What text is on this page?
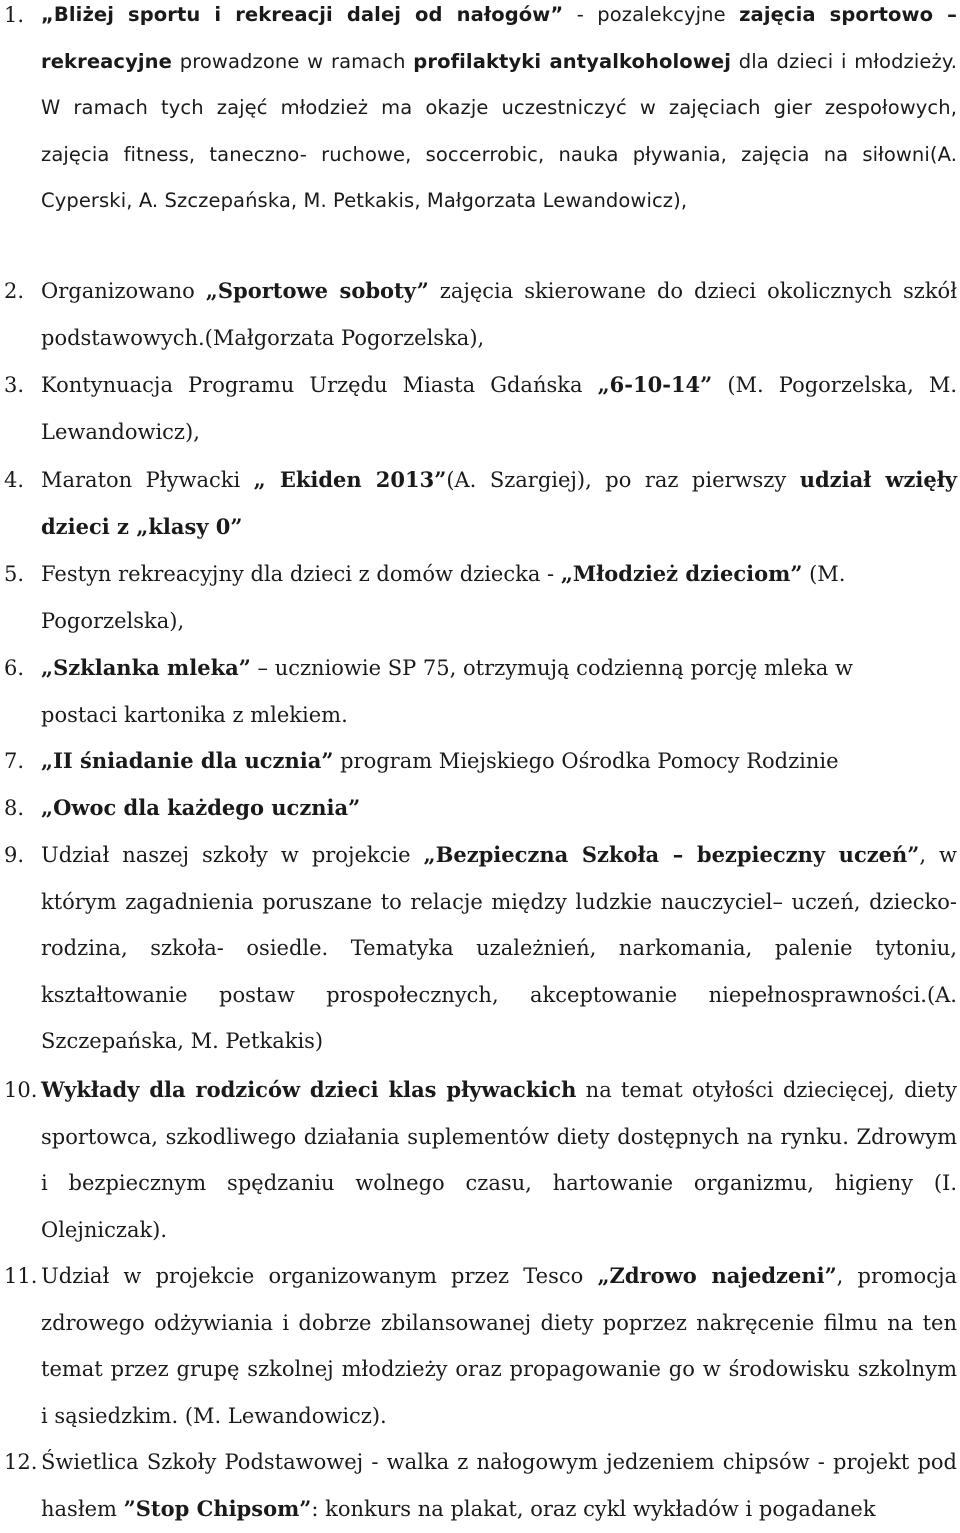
1. „Bliżej sportu i rekreacji dalej od nałogów” - pozalekcyjne zajęcia sportowo – rekreacyjne prowadzone w ramach profilaktyki antyalkoholowej dla dzieci i młodzieży. W ramach tych zajęć młodzież ma okazje uczestniczyć w zajęciach gier zespołowych, zajęcia fitness, taneczno- ruchowe, soccerrobic, nauka pływania, zajęcia na siłowni(A. Cyperski, A. Szczepańska, M. Petkakis, Małgorzata Lewandowicz),
2. Organizowano „Sportowe soboty” zajęcia skierowane do dzieci okolicznych szkół podstawowych.(Małgorzata Pogorzelska),
3. Kontynuacja Programu Urzędu Miasta Gdańska „6-10-14” (M. Pogorzelska, M. Lewandowicz),
4. Maraton Pływacki „ Ekiden 2013”(A. Szargiej), po raz pierwszy udział wzięły dzieci z „klasy 0”
5. Festyn rekreacyjny dla dzieci z domów dziecka - „Młodzież dzieciom” (M. Pogorzelska),
6. „Szklanka mleka” – uczniowie SP 75, otrzymują codzienną porcję mleka w postaci kartonika z mlekiem.
7. „II śniadanie dla ucznia” program Miejskiego Ośrodka Pomocy Rodzinie
8. „Owoc dla każdego ucznia”
9. Udział naszej szkoły w projekcie „Bezpieczna Szkoła – bezpieczny uczeń”, w którym zagadnienia poruszane to relacje między ludzkie nauczyciel– uczeń, dziecko-rodzina, szkoła- osiedle. Tematyka uzależnień, narkomania, palenie tytoniu, kształtowanie postaw prospołecznych, akceptowanie niepełnosprawności.(A. Szczepańska, M. Petkakis)
10. Wykłady dla rodziców dzieci klas pływackich na temat otyłości dziecięcej, diety sportowca, szkodliwego działania suplementów diety dostępnych na rynku. Zdrowym i bezpiecznym spędzaniu wolnego czasu, hartowanie organizmu, higieny (I. Olejniczak).
11. Udział w projekcie organizowanym przez Tesco „Zdrowo najedzeni”, promocja zdrowego odżywiania i dobrze zbilansowanej diety poprzez nakręcenie filmu na ten temat przez grupę szkolnej młodzieży oraz propagowanie go w środowisku szkolnym i sąsiedzkim. (M. Lewandowicz).
12. Świetlica Szkoły Podstawowej - walka z nałogowym jedzeniem chipsów - projekt pod hasłem ”Stop Chipsom”: konkurs na plakat, oraz cykl wykładów i pogadanek
